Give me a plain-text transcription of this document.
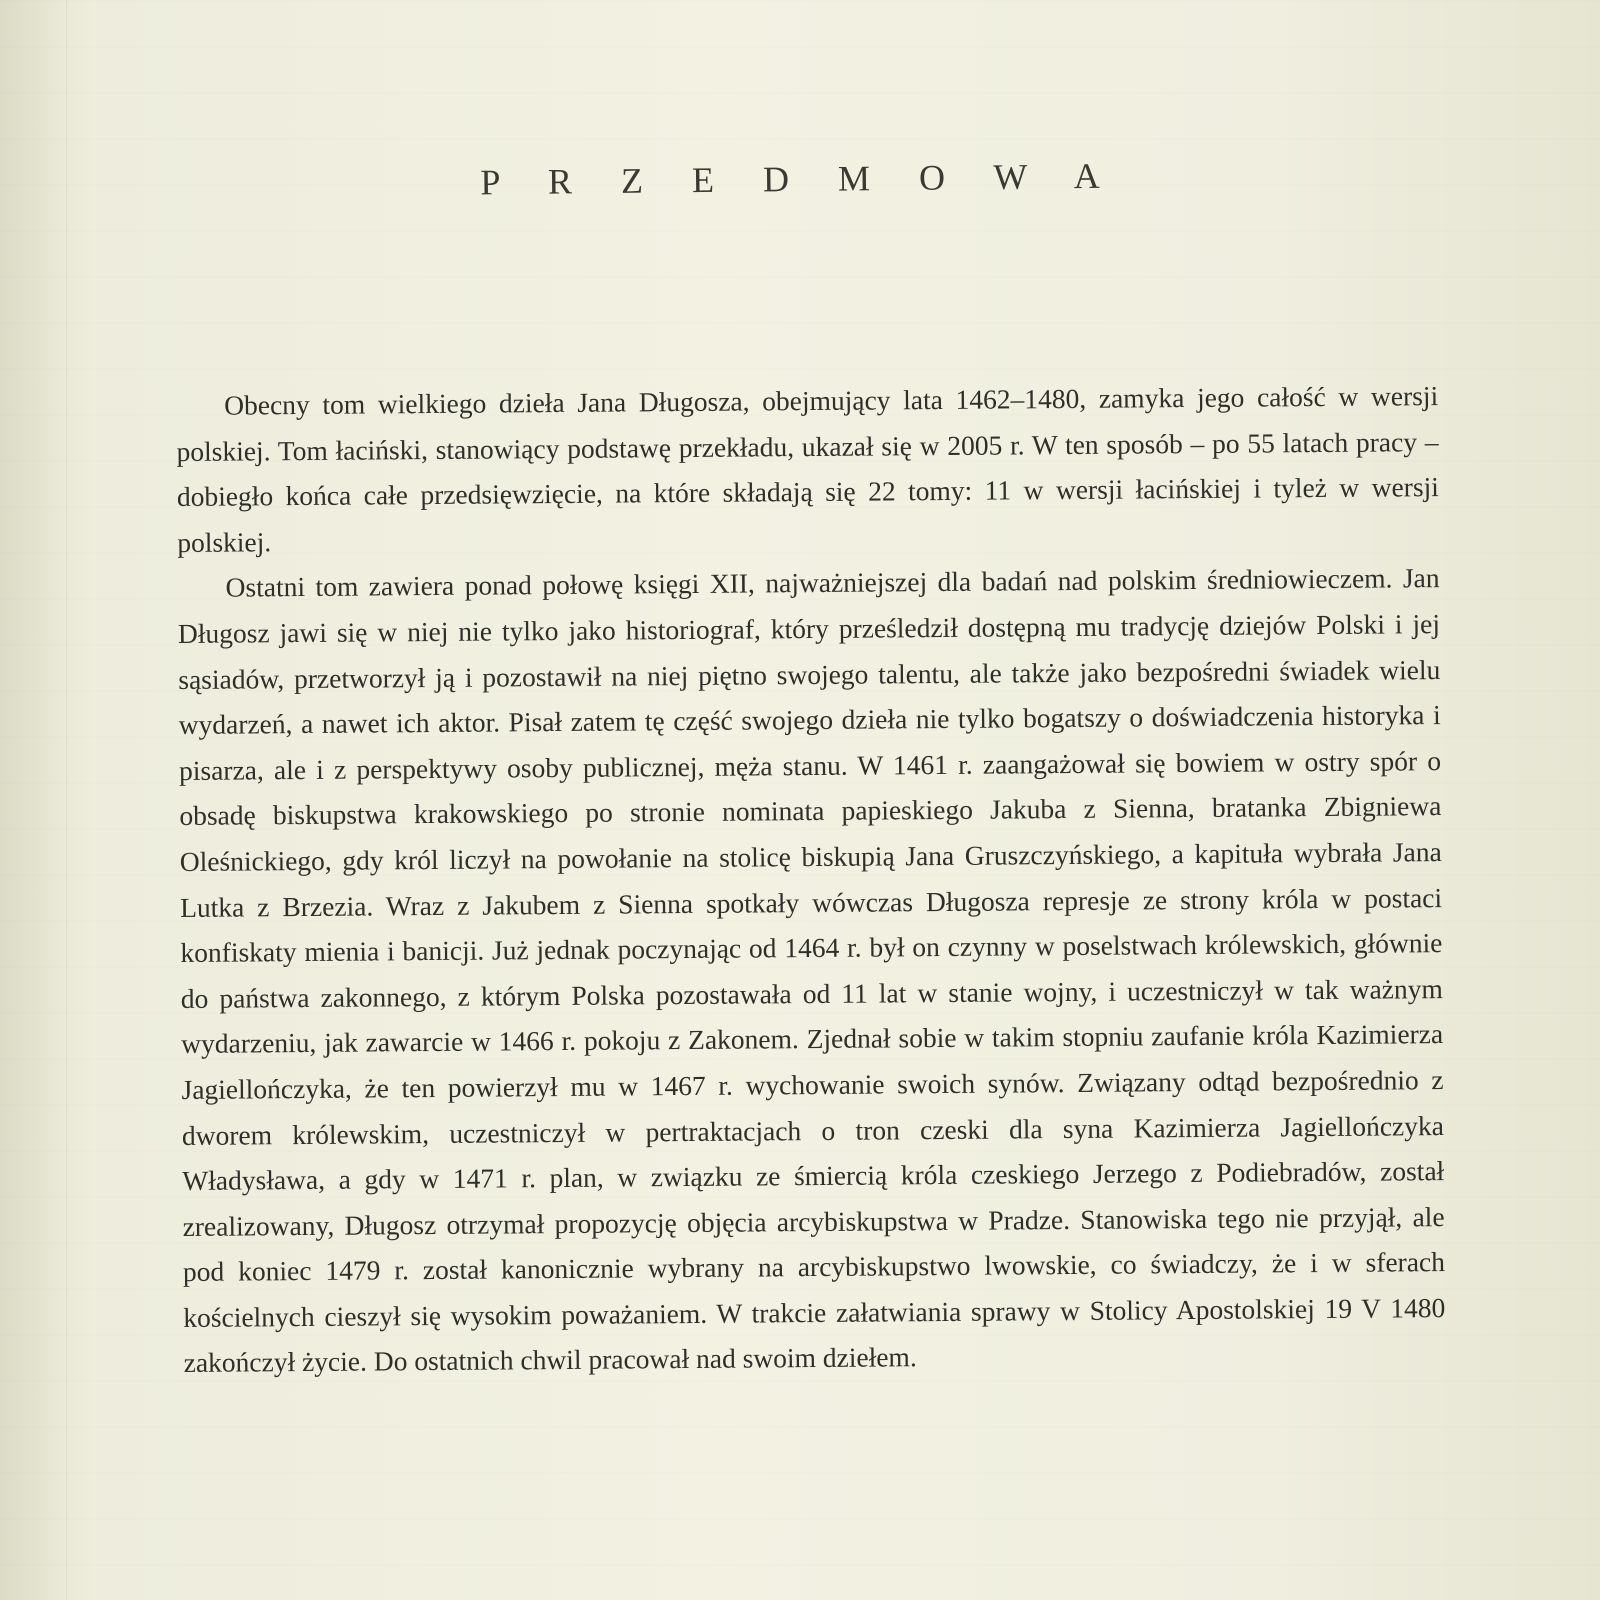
P R Z E D M O W A

Obecny tom wielkiego dzieła Jana Długosza, obejmujący lata 1462–1480, zamyka jego całość w wersji polskiej. Tom łaciński, stanowiący podstawę przekładu, ukazał się w 2005 r. W ten sposób – po 55 latach pracy – dobiegło końca całe przedsięwzięcie, na które składają się 22 tomy: 11 w wersji łacińskiej i tyleż w wersji polskiej.

Ostatni tom zawiera ponad połowę księgi XII, najważniejszej dla badań nad polskim średniowieczem. Jan Długosz jawi się w niej nie tylko jako historiograf, który prześledził dostępną mu tradycję dziejów Polski i jej sąsiadów, przetworzył ją i pozostawił na niej piętno swojego talentu, ale także jako bezpośredni świadek wielu wydarzeń, a nawet ich aktor. Pisał zatem tę część swojego dzieła nie tylko bogatszy o doświadczenia historyka i pisarza, ale i z perspektywy osoby publicznej, męża stanu. W 1461 r. zaangażował się bowiem w ostry spór o obsadę biskupstwa krakowskiego po stronie nominata papieskiego Jakuba z Sienna, bratanka Zbigniewa Oleśnickiego, gdy król liczył na powołanie na stolicę biskupią Jana Gruszczyńskiego, a kapituła wybrała Jana Lutka z Brzezia. Wraz z Jakubem z Sienna spotkały wówczas Długosza represje ze strony króla w postaci konfiskaty mienia i banicji. Już jednak poczynając od 1464 r. był on czynny w poselstwach królewskich, głównie do państwa zakonnego, z którym Polska pozostawała od 11 lat w stanie wojny, i uczestniczył w tak ważnym wydarzeniu, jak zawarcie w 1466 r. pokoju z Zakonem. Zjednał sobie w takim stopniu zaufanie króla Kazimierza Jagiellończyka, że ten powierzył mu w 1467 r. wychowanie swoich synów. Związany odtąd bezpośrednio z dworem królewskim, uczestniczył w pertraktacjach o tron czeski dla syna Kazimierza Jagiellończyka Władysława, a gdy w 1471 r. plan, w związku ze śmiercią króla czeskiego Jerzego z Podiebradów, został zrealizowany, Długosz otrzymał propozycję objęcia arcybiskupstwa w Pradze. Stanowiska tego nie przyjął, ale pod koniec 1479 r. został kanonicznie wybrany na arcybiskupstwo lwowskie, co świadczy, że i w sferach kościelnych cieszył się wysokim poważaniem. W trakcie załatwiania sprawy w Stolicy Apostolskiej 19 V 1480 zakończył życie. Do ostatnich chwil pracował nad swoim dziełem.
